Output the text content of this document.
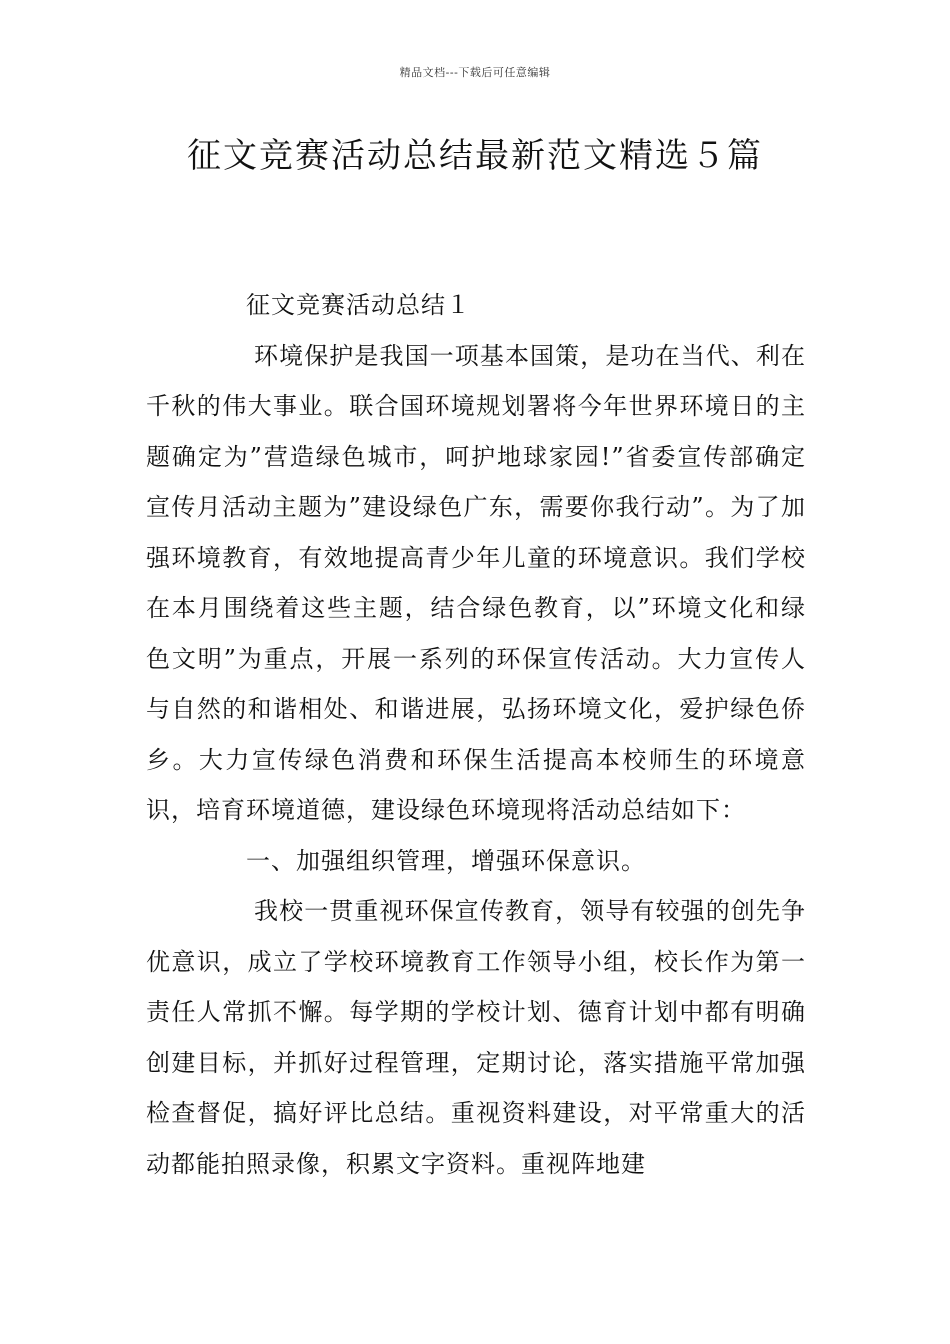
精品文档---下载后可任意编辑
征文竞赛活动总结最新范文精选５篇

征文竞赛活动总结１

环境保护是我国一项基本国策，是功在当代、利在千秋的伟大事业。联合国环境规划署将今年世界环境日的主题确定为”营造绿色城市，呵护地球家园!”省委宣传部确定宣传月活动主题为”建设绿色广东，需要你我行动”。为了加强环境教育，有效地提高青少年儿童的环境意识。我们学校在本月围绕着这些主题，结合绿色教育，以”环境文化和绿色文明”为重点，开展一系列的环保宣传活动。大力宣传人与自然的和谐相处、和谐进展，弘扬环境文化，爱护绿色侨乡。大力宣传绿色消费和环保生活提高本校师生的环境意识，培育环境道德，建设绿色环境现将活动总结如下：

一、加强组织管理，增强环保意识。

我校一贯重视环保宣传教育，领导有较强的创先争优意识，成立了学校环境教育工作领导小组，校长作为第一责任人常抓不懈。每学期的学校计划、德育计划中都有明确创建目标，并抓好过程管理，定期讨论，落实措施平常加强检查督促，搞好评比总结。重视资料建设，对平常重大的活动都能拍照录像，积累文字资料。重视阵地建
